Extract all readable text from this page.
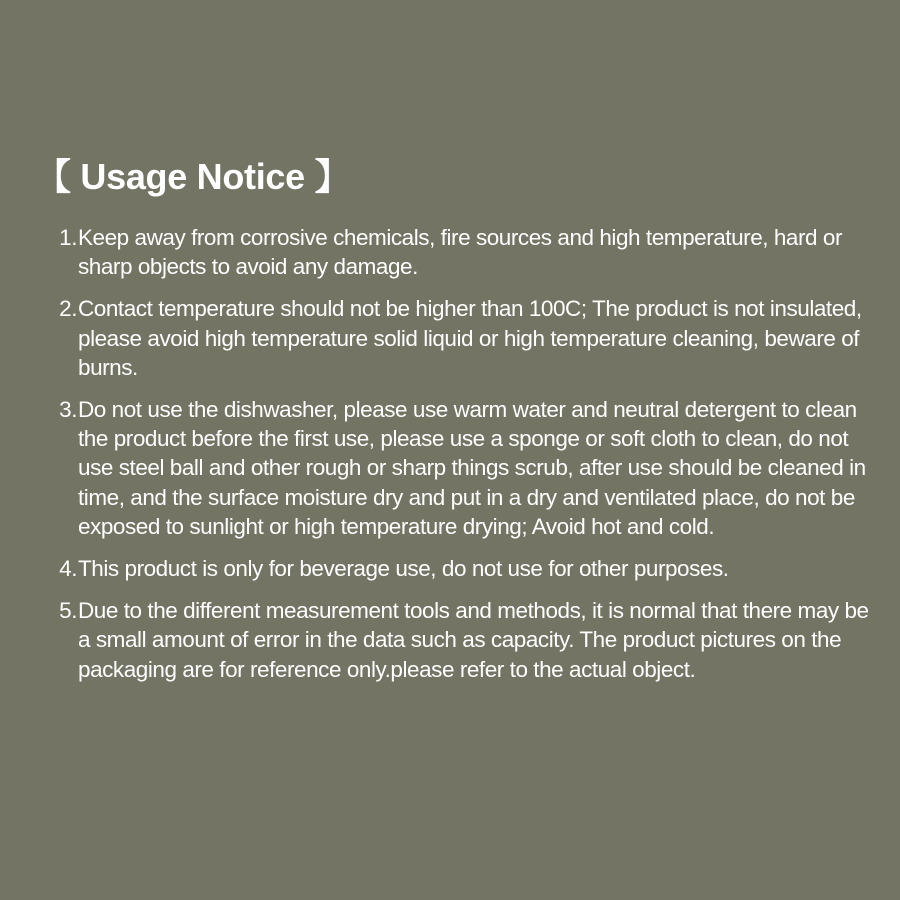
【 Usage Notice 】
1. Keep away from corrosive chemicals, fire sources and high temperature, hard or sharp objects to avoid any damage.
2. Contact temperature should not be higher than 100C; The product is not insulated, please avoid high temperature solid liquid or high temperature cleaning, beware of burns.
3. Do not use the dishwasher, please use warm water and neutral detergent to clean the product before the first use, please use a sponge or soft cloth to clean, do not use steel ball and other rough or sharp things scrub, after use should be cleaned in time, and the surface moisture dry and put in a dry and ventilated place, do not be exposed to sunlight or high temperature drying; Avoid hot and cold.
4. This product is only for beverage use, do not use for other purposes.
5. Due to the different measurement tools and methods, it is normal that there may be a small amount of error in the data such as capacity. The product pictures on the packaging are for reference only.please refer to the actual object.
